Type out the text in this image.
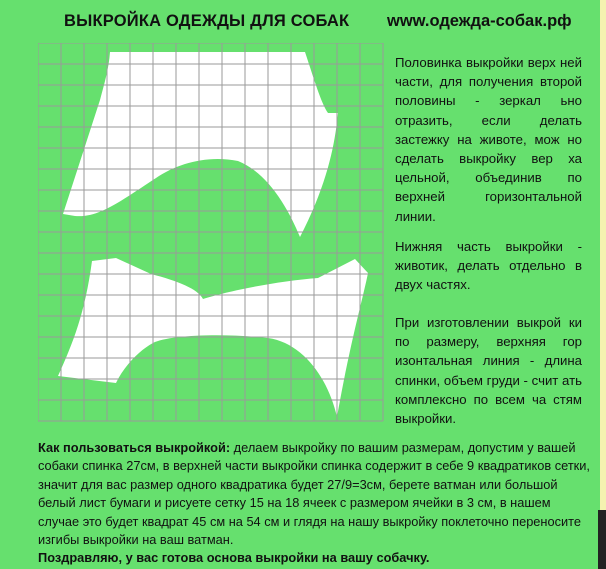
ВЫКРОЙКА ОДЕЖДЫ ДЛЯ СОБАК www.одежда-собак.рф

Половинка выкройки верх ней части, для получения второй половины - зеркал ьно отразить, если делать застежку на животе, мож но сделать выкройку вер ха цельной, объединив по верхней горизонтальной линии.

Нижняя часть выкройки - животик, делать отдельно в двух частях.

При изготовлении выкрой ки по размеру, верхняя гор изонтальная линия - длина спинки, объем груди - счит ать комплексно по всем ча стям выкройки.

Как пользоваться выкройкой: делаем выкройку по вашим размерам, допустим у вашей собаки спинка 27см, в верхней части выкройки спинка содержит в себе 9 квадратиков сетки, значит для вас размер одного квадратика будет 27/9=3см, берете ватман или большой белый лист бумаги и рисуете сетку 15 на 18 ячеек с размером ячейки в 3 см, в нашем случае это будет квадрат 45 см на 54 см и глядя на нашу выкройку поклеточно переносите изгибы выкройки на ваш ватман.
Поздравляю, у вас готова основа выкройки на вашу собачку.
